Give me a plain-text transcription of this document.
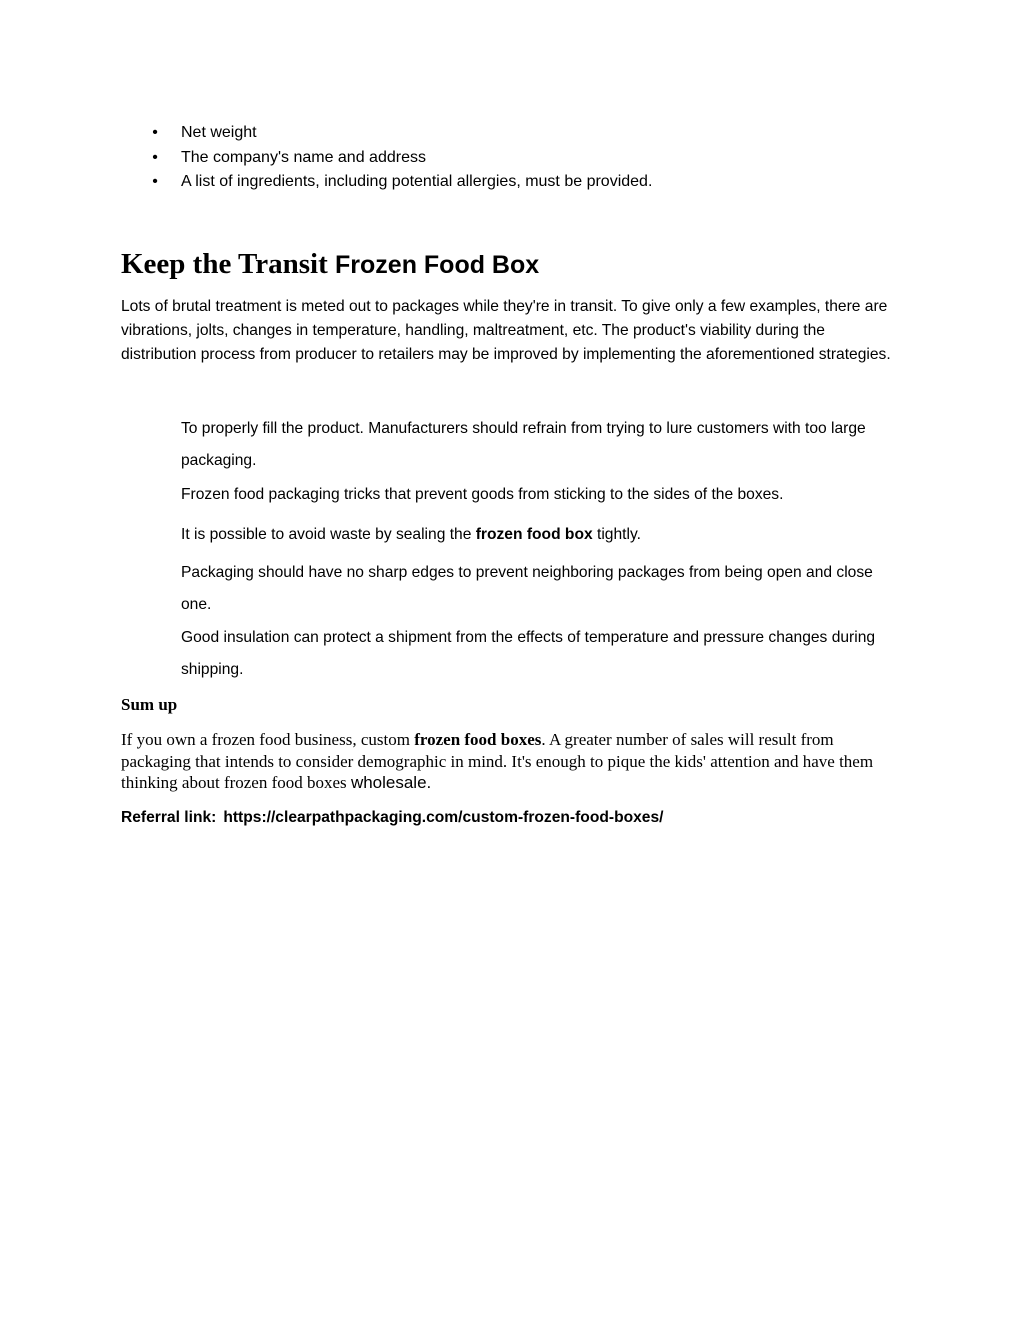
• Net weight
• The company's name and address
• A list of ingredients, including potential allergies, must be provided.
Keep the Transit Frozen Food Box

Lots of brutal treatment is meted out to packages while they're in transit. To give only a few examples, there are vibrations, jolts, changes in temperature, handling, maltreatment, etc. The product's viability during the distribution process from producer to retailers may be improved by implementing the aforementioned strategies.

To properly fill the product. Manufacturers should refrain from trying to lure customers with too large packaging.
Frozen food packaging tricks that prevent goods from sticking to the sides of the boxes.
It is possible to avoid waste by sealing the frozen food box tightly.
Packaging should have no sharp edges to prevent neighboring packages from being open and close one.
Good insulation can protect a shipment from the effects of temperature and pressure changes during shipping.
Sum up

If you own a frozen food business, custom frozen food boxes. A greater number of sales will result from packaging that intends to consider demographic in mind. It's enough to pique the kids' attention and have them thinking about frozen food boxes wholesale.

Referral link: https://clearpathpackaging.com/custom-frozen-food-boxes/
